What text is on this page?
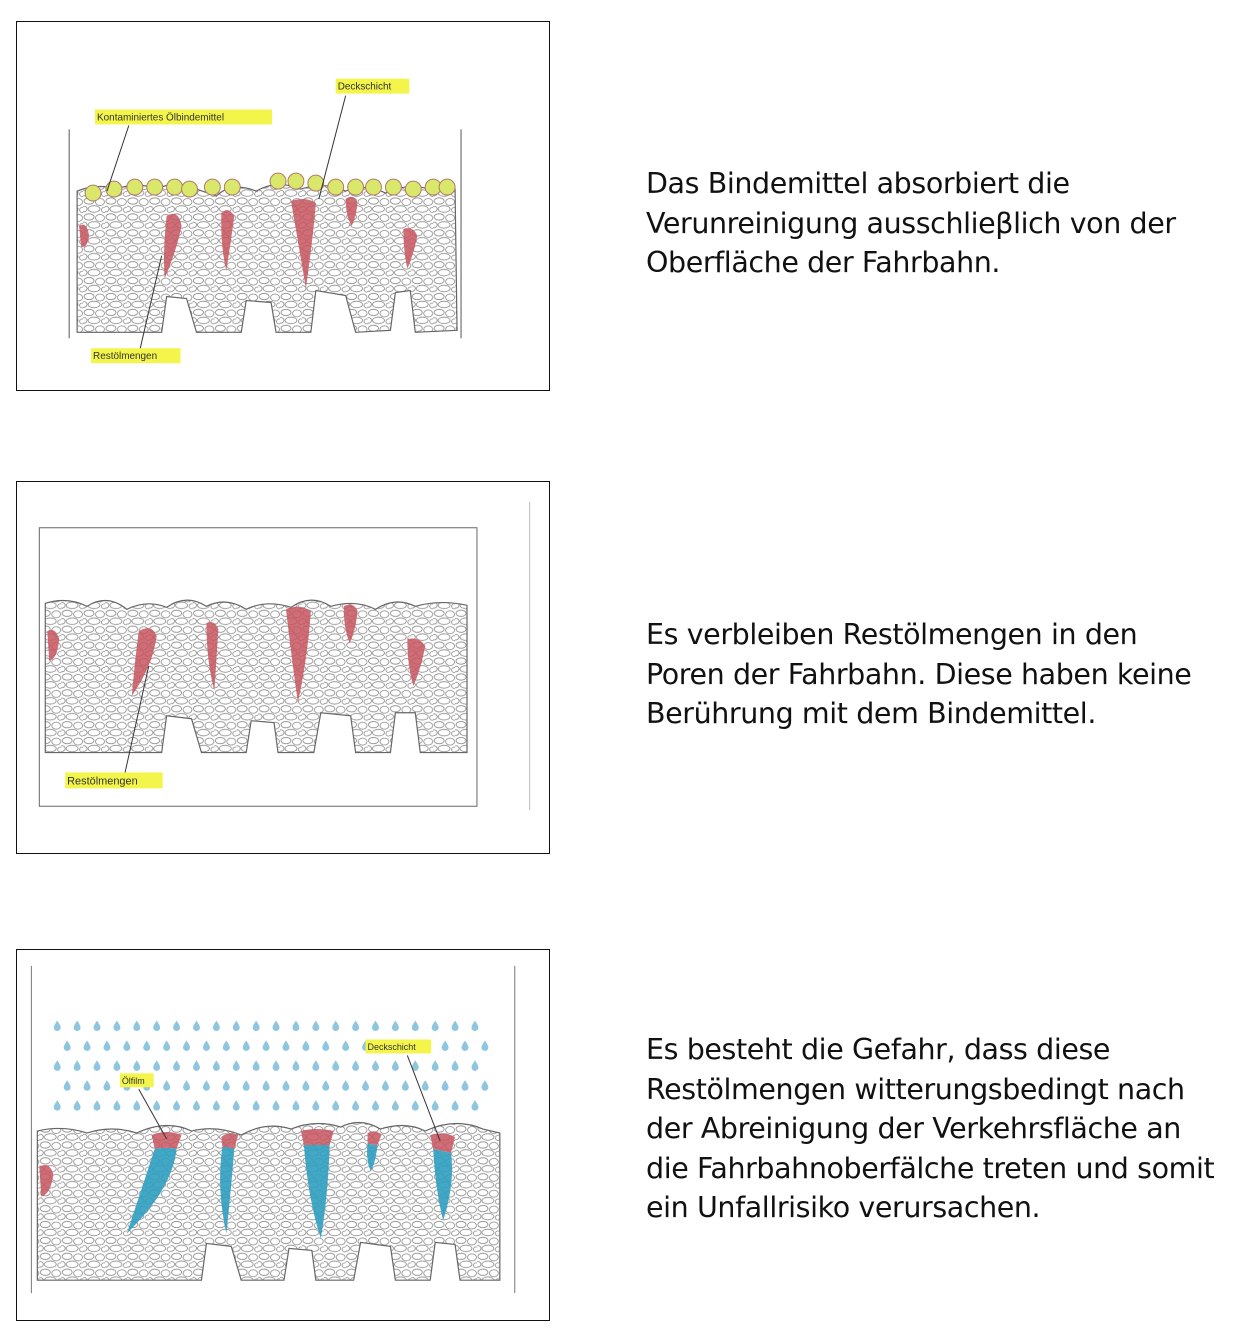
Kontaminiertes Ölbindemittel
Deckschicht
Restölmengen
Das Bindemittel absorbiert die
Verunreinigung ausschlieβlich von der
Oberfläche der Fahrbahn.
Restölmengen
Es verbleiben Restölmengen in den
Poren der Fahrbahn. Diese haben keine
Berührung mit dem Bindemittel.
Ölfilm
Deckschicht	Es besteht die Gefahr, dass diese
Restölmengen witterungsbedingt nach
der Abreinigung der Verkehrsfläche an
die Fahrbahnoberfälche treten und somit
ein Unfallrisiko verursachen.
